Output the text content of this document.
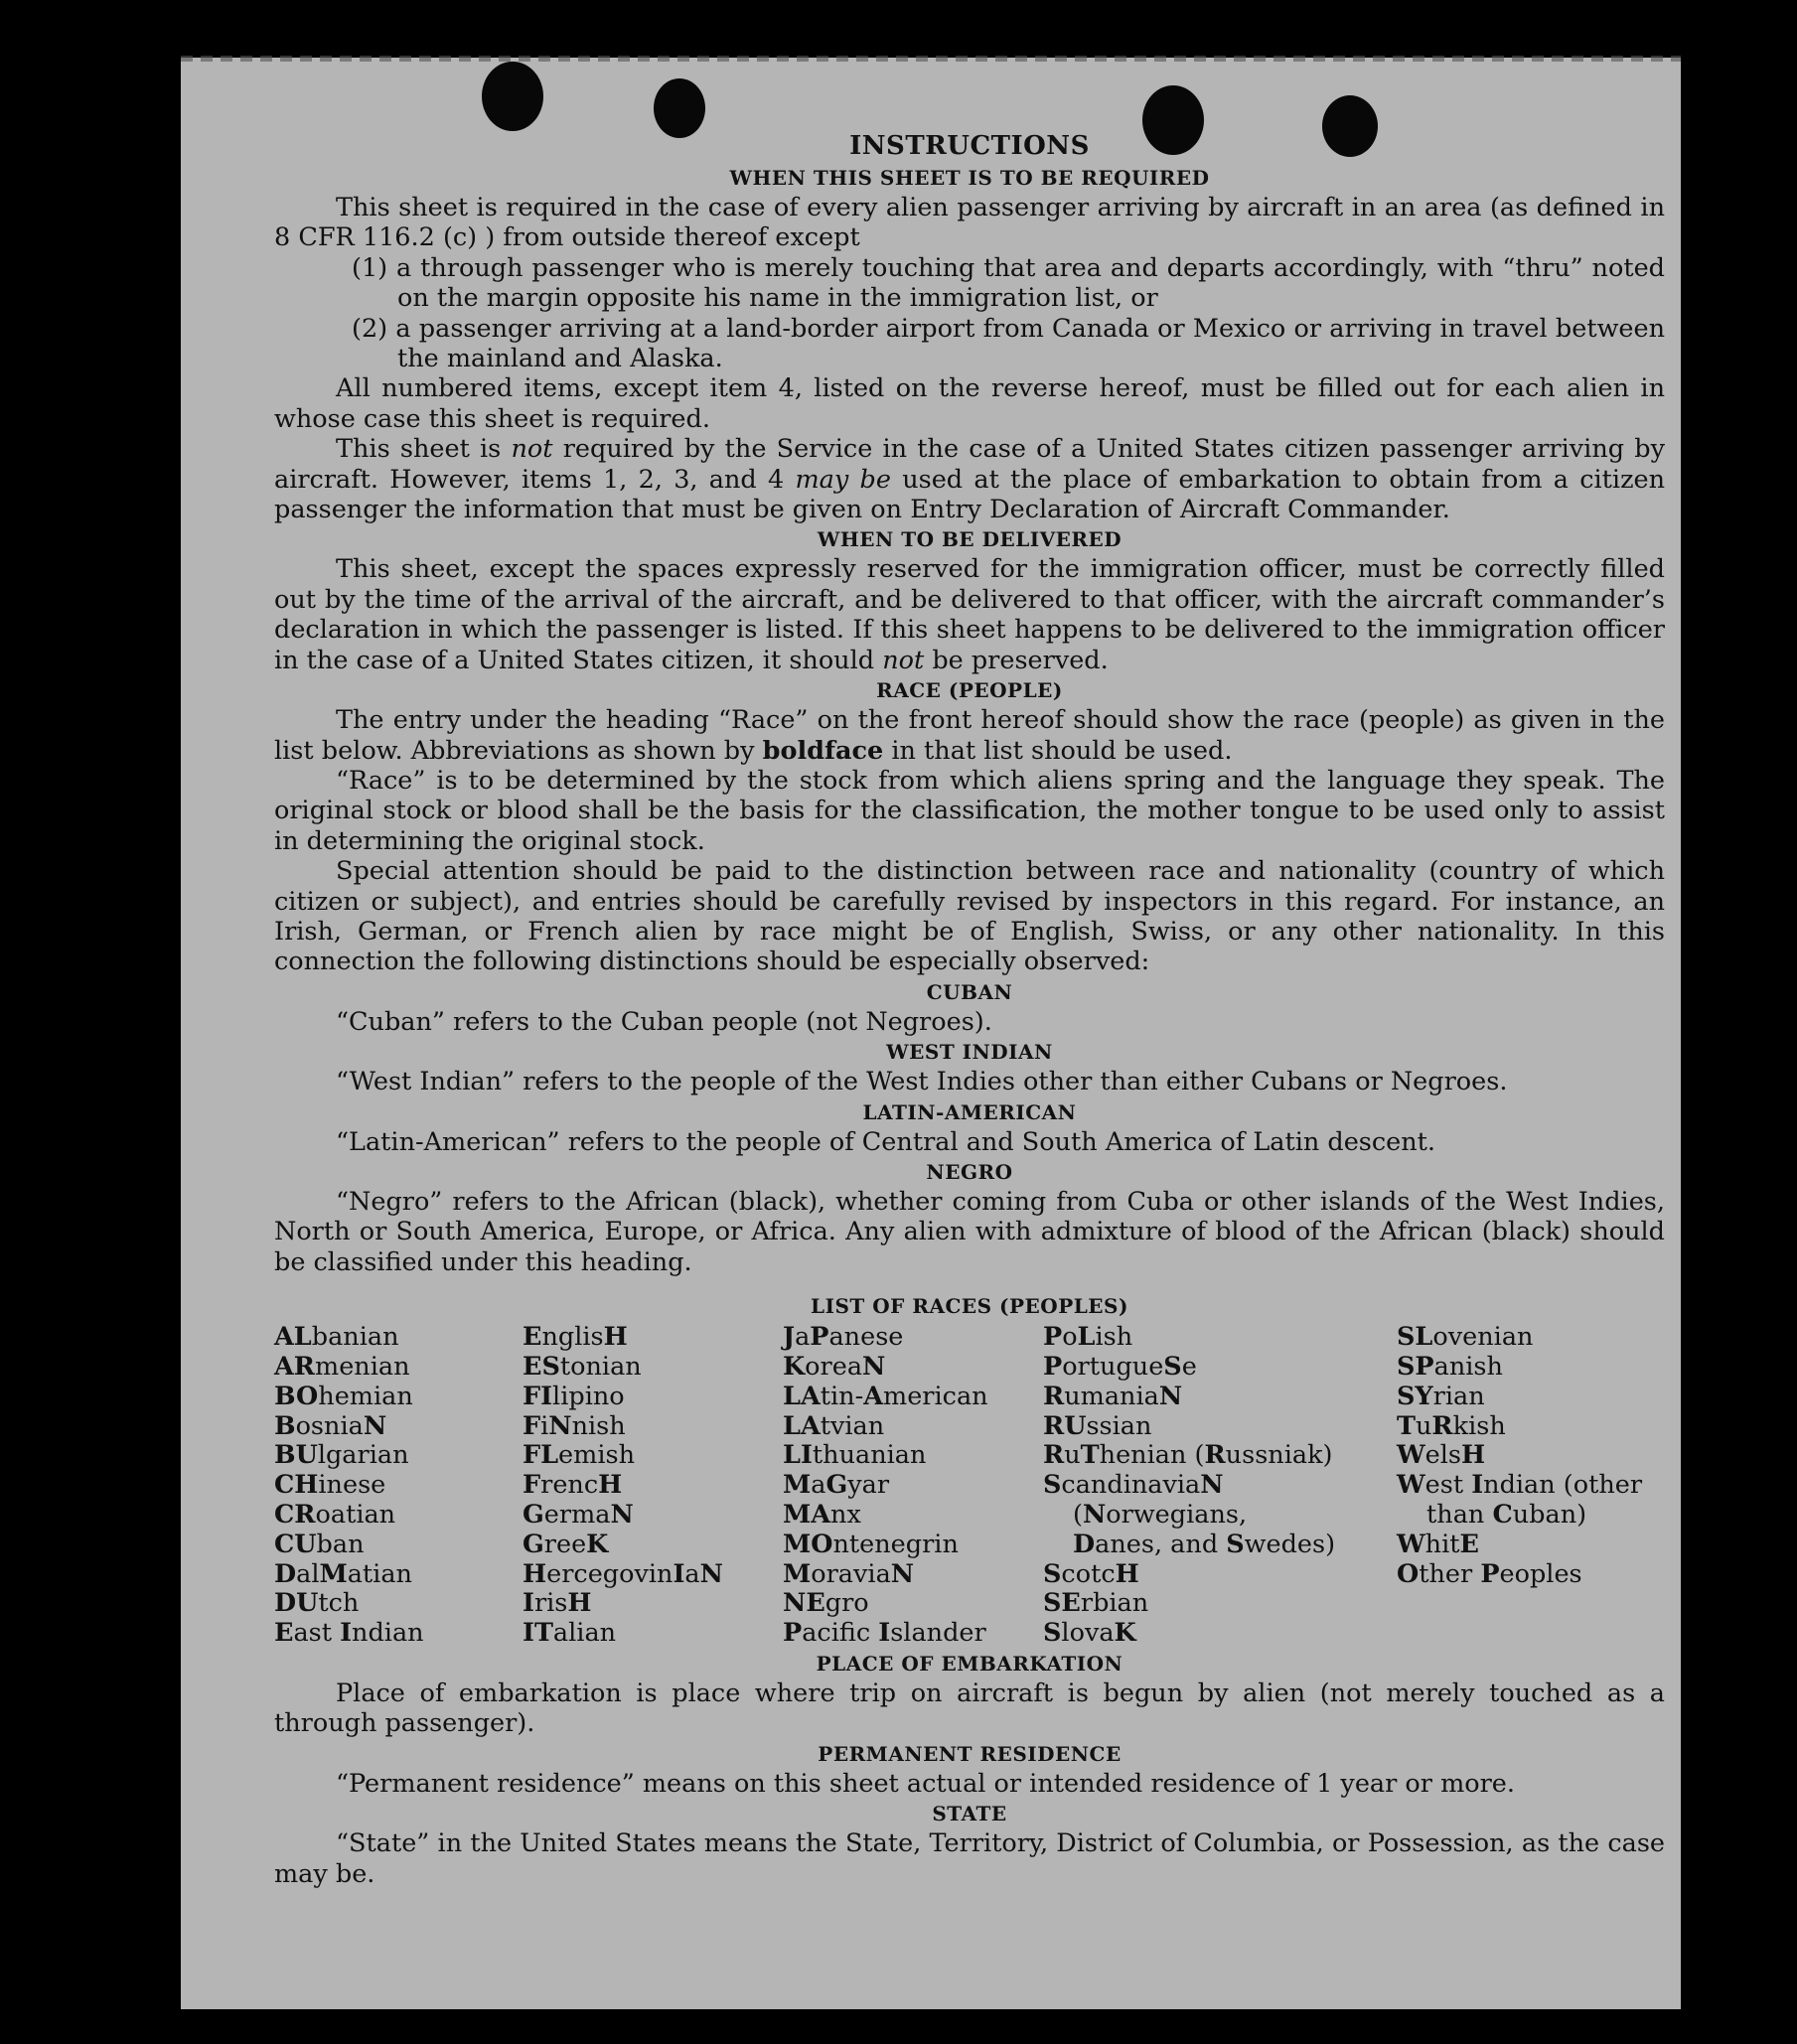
INSTRUCTIONS
WHEN THIS SHEET IS TO BE REQUIRED

This sheet is required in the case of every alien passenger arriving by aircraft in an area (as defined in 8 CFR 116.2 (c) ) from outside thereof except

(1) a through passenger who is merely touching that area and departs accordingly, with “thru” noted on the margin opposite his name in the immigration list, or
(2) a passenger arriving at a land-border airport from Canada or Mexico or arriving in travel between the mainland and Alaska.

All numbered items, except item 4, listed on the reverse hereof, must be filled out for each alien in whose case this sheet is required.

This sheet is not required by the Service in the case of a United States citizen passenger arriving by aircraft. However, items 1, 2, 3, and 4 may be used at the place of embarkation to obtain from a citizen passenger the information that must be given on Entry Declaration of Aircraft Commander.

WHEN TO BE DELIVERED

This sheet, except the spaces expressly reserved for the immigration officer, must be correctly filled out by the time of the arrival of the aircraft, and be delivered to that officer, with the aircraft commander’s declaration in which the passenger is listed. If this sheet happens to be delivered to the immigration officer in the case of a United States citizen, it should not be preserved.

RACE (PEOPLE)

The entry under the heading “Race” on the front hereof should show the race (people) as given in the list below. Abbreviations as shown by boldface in that list should be used.

“Race” is to be determined by the stock from which aliens spring and the language they speak. The original stock or blood shall be the basis for the classification, the mother tongue to be used only to assist in determining the original stock.

Special attention should be paid to the distinction between race and nationality (country of which citizen or subject), and entries should be carefully revised by inspectors in this regard. For instance, an Irish, German, or French alien by race might be of English, Swiss, or any other nationality. In this connection the following distinctions should be especially observed:

CUBAN

“Cuban” refers to the Cuban people (not Negroes).

WEST INDIAN

“West Indian” refers to the people of the West Indies other than either Cubans or Negroes.

LATIN-AMERICAN

“Latin-American” refers to the people of Central and South America of Latin descent.

NEGRO

“Negro” refers to the African (black), whether coming from Cuba or other islands of the West Indies, North or South America, Europe, or Africa. Any alien with admixture of blood of the African (black) should be classified under this heading.

LIST OF RACES (PEOPLES)
ALbanian
ARmenian
BOhemian
BosniaN
BUlgarian
CHinese
CRoatian
CUban
DalMatian
DUtch
East Indian
EnglisH
EStonian
FIlipino
FiNnish
FLemish
FrencH
GermaN
GreeK
HercegovinIaN
IrisH
ITalian
JaPanese
KoreaN
LAtin-American
LAtvian
LIthuanian
MaGyar
MAnx
MOntenegrin
MoraviaN
NEgro
Pacifc Islander
PoLish
PortugueSe
RumaniaN
RUssian
RuThenian (Russniak)
ScandinaviaN (Norwegians, Danes, and Swedes)
ScotcH
SErbian
SlovaK
SLovenian
SPanish
SYrian
TuRkish
WelsH
West Indian (other than Cuban)
WhitE
Other Peoples
PLACE OF EMBARKATION

Place of embarkation is place where trip on aircraft is begun by alien (not merely touched as a through passenger).

PERMANENT RESIDENCE

“Permanent residence” means on this sheet actual or intended residence of 1 year or more.

STATE

“State” in the United States means the State, Territory, District of Columbia, or Possession, as the case may be.
